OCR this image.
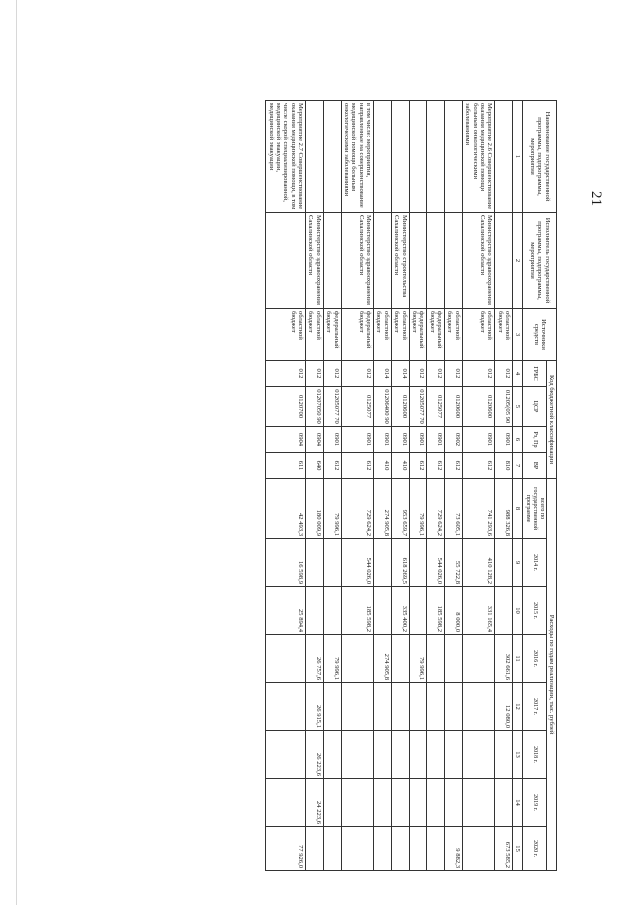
21
Наименование государственной программы, подпрограммы, мероприятия	Исполнитель государственной программы, подпрограммы, мероприятия	Источники средств	Код бюджетной классификации				Расходы по годам реализации, тыс. рублей							
			ГРБС	ЦСР	Рз, Пр	ВР	всего по государственной программе	2014 г.	2015 г.	2016 г.	2017 г.	2018 г.	2019 г.	2020 г.

1	2	3	4	5	6	7	8	9	10	11	12	13	14	15
		областной бюджет	012	01205(05 90	0901	810	988 326,8			302 661,6	12 080,0			673 585,2
Мероприятие 2.6 Совершенствование оказания медицинской помощи больным онкологическими заболеваниями	Министерство здравоохранения Сахалинской области	областной бюджет	012	0120600	0901	612	741 293,6	410 128,2	331 165,4					
		областной бюджет	012	0120600	0902	612	73 605,1	55 722,8	8 000,0					9 882,3
		федеральный бюджет	012	0125077	0901	612	729 624,2	544 026,0	185 598,2					
		федеральный бюджет	012	01205077 70	0901	612	79 996,1			79 996,1				
	Министерство строительства Сахалинской области	областной бюджет	014	0120600	0901	410	953 659,7	618 269,5	335 400,2					
		областной бюджет	014	01206400 90	0901	410	274 905,8			274 905,8				
в том числе: мероприятия, направленные на совершенствование медицинской помощи больным онкологическими заболеваниями	Министерство здравоохранения Сахалинской области	федеральный бюджет	012	0125077	0901	612	729 624,2	544 026,0	185 598,2					
		федеральный бюджет	012	01205077 70	0901	612	79 996,1			79 996,1				
	Министерство здравоохранения Сахалинской области	областной бюджет	012	01207050 90	0904	640	180 009,9			26 757,6	26 915,1	26 223,6	24 223,6	
Мероприятие 2.7 Совершенствование оказания медицинской помощи, в том числе скорой специализированной, медицинской эвакуации, медицинской эвакуации		областной бюджет	012	0120700	0904	611	42 493,3	16 598,9	25 894,4					77 926,0
